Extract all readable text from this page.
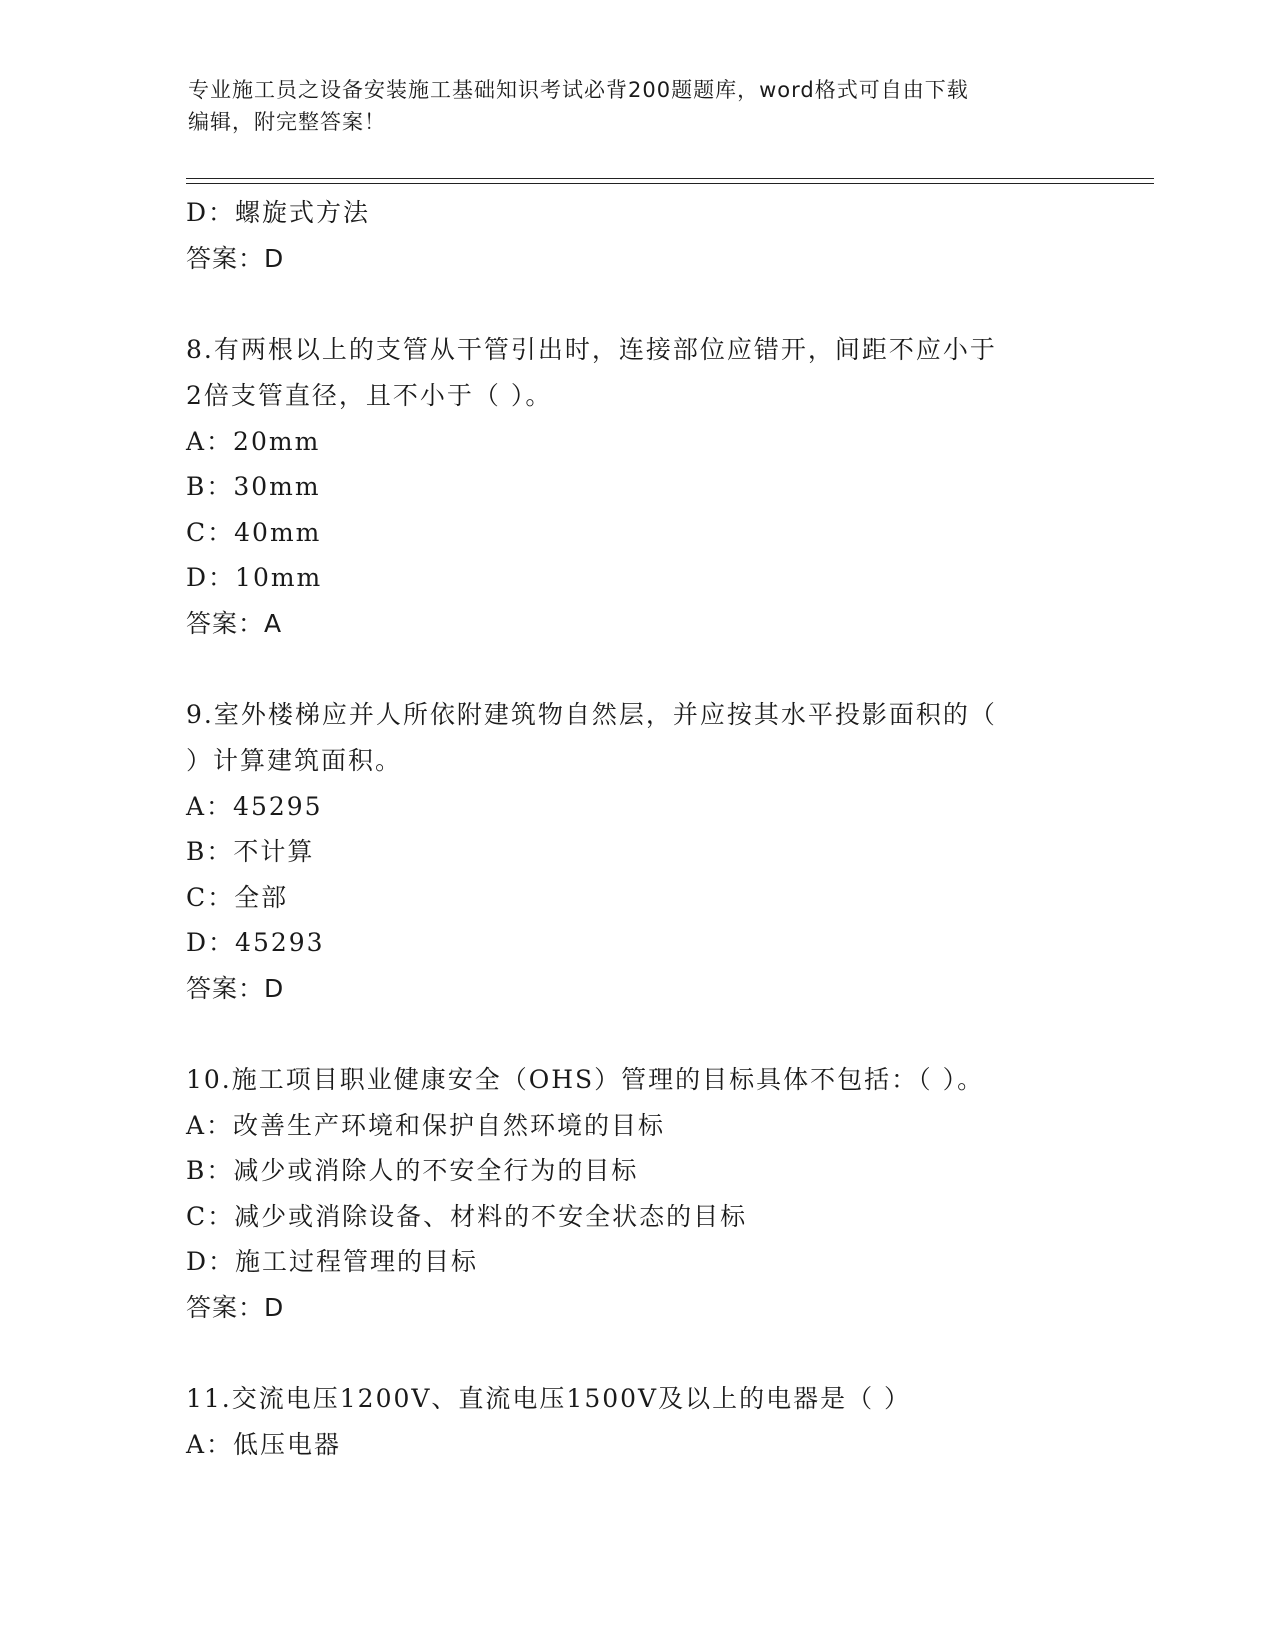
专业施工员之设备安装施工基础知识考试必背200题题库，word格式可自由下载
编辑，附完整答案！
D：螺旋式方法
答案：D
8.有两根以上的支管从干管引出时，连接部位应错开，间距不应小于
2倍支管直径，且不小于（ ）。
A：20mm
B：30mm
C：40mm
D：10mm
答案：A
9.室外楼梯应并人所依附建筑物自然层，并应按其水平投影面积的（
）计算建筑面积。
A：45295
B：不计算
C：全部
D：45293
答案：D
10.施工项目职业健康安全（OHS）管理的目标具体不包括：（ ）。
A：改善生产环境和保护自然环境的目标
B：减少或消除人的不安全行为的目标
C：减少或消除设备、材料的不安全状态的目标
D：施工过程管理的目标
答案：D
11.交流电压1200V、直流电压1500V及以上的电器是（ ）
A：低压电器
